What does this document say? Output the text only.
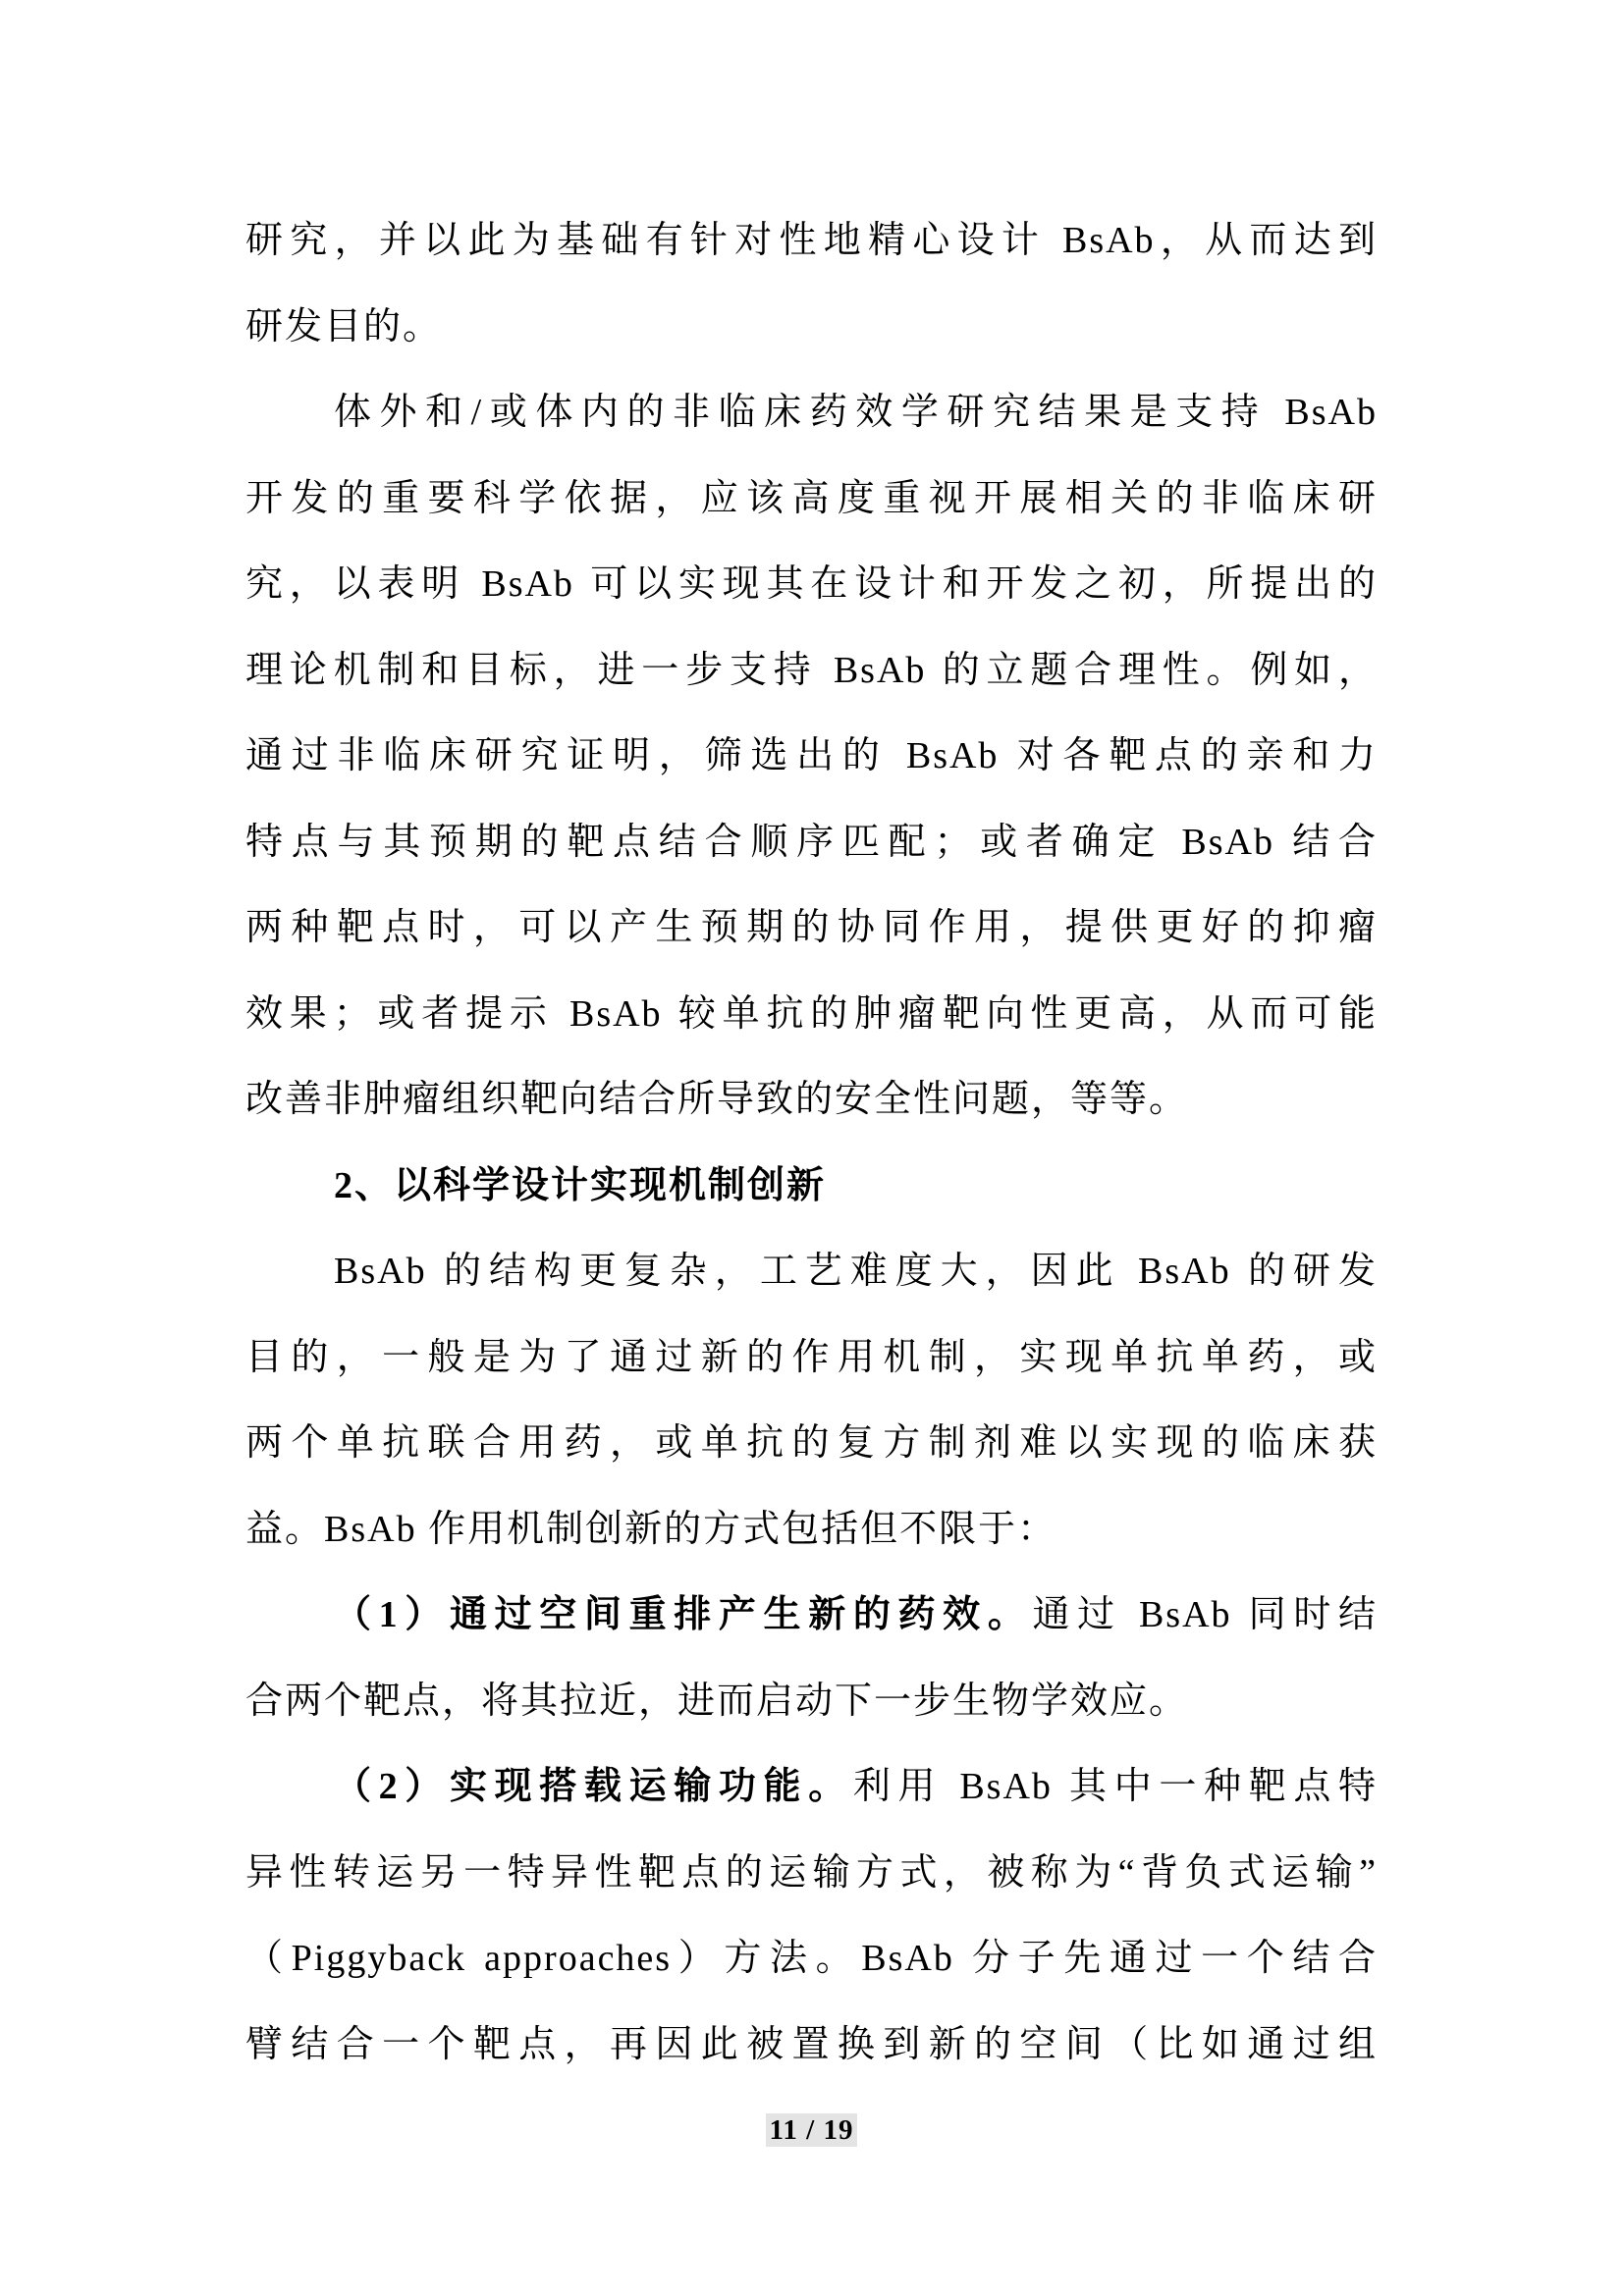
研究，并以此为基础有针对性地精心设计 BsAb，从而达到
研发目的。
体外和/或体内的非临床药效学研究结果是支持 BsAb
开发的重要科学依据，应该高度重视开展相关的非临床研
究，以表明 BsAb 可以实现其在设计和开发之初，所提出的
理论机制和目标，进一步支持 BsAb 的立题合理性。例如，
通过非临床研究证明，筛选出的 BsAb 对各靶点的亲和力
特点与其预期的靶点结合顺序匹配；或者确定 BsAb 结合
两种靶点时，可以产生预期的协同作用，提供更好的抑瘤
效果；或者提示 BsAb 较单抗的肿瘤靶向性更高，从而可能
改善非肿瘤组织靶向结合所导致的安全性问题，等等。
2、以科学设计实现机制创新
BsAb 的结构更复杂，工艺难度大，因此 BsAb 的研发
目的，一般是为了通过新的作用机制，实现单抗单药，或
两个单抗联合用药，或单抗的复方制剂难以实现的临床获
益。BsAb 作用机制创新的方式包括但不限于：
（1）通过空间重排产生新的药效。通过 BsAb 同时结
合两个靶点，将其拉近，进而启动下一步生物学效应。
（2）实现搭载运输功能。利用 BsAb 其中一种靶点特
异性转运另一特异性靶点的运输方式，被称为“背负式运输”
（Piggyback approaches）方法。BsAb 分子先通过一个结合
臂结合一个靶点，再因此被置换到新的空间（比如通过组
11 / 19
